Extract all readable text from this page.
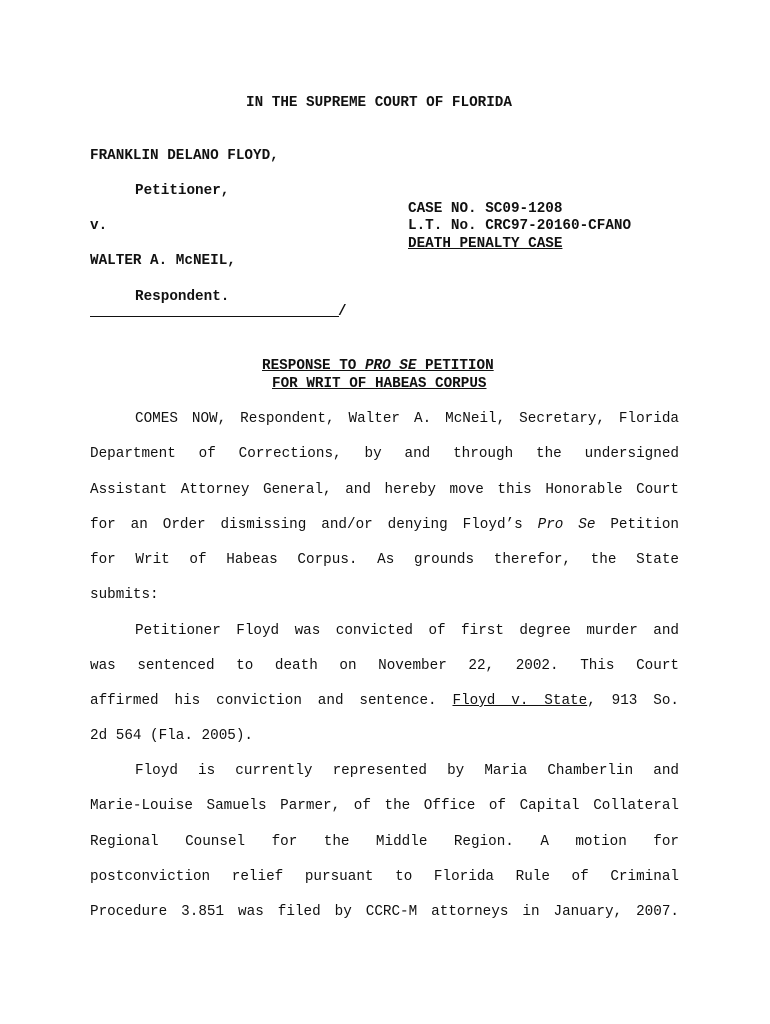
IN THE SUPREME COURT OF FLORIDA
FRANKLIN DELANO FLOYD,
Petitioner,
v.
WALTER A. McNEIL,
Respondent.
/
CASE NO. SC09-1208
L.T. No. CRC97-20160-CFANO
DEATH PENALTY CASE
RESPONSE TO PRO SE PETITION
FOR WRIT OF HABEAS CORPUS
COMES NOW, Respondent, Walter A. McNeil, Secretary, Florida
Department of Corrections, by and through the undersigned
Assistant Attorney General, and hereby move this Honorable Court
for an Order dismissing and/or denying Floyd’s Pro Se Petition
for Writ of Habeas Corpus. As grounds therefor, the State
submits:
Petitioner Floyd was convicted of first degree murder and
was sentenced to death on November 22, 2002. This Court
affirmed his conviction and sentence. Floyd v. State, 913 So.
2d 564 (Fla. 2005).
Floyd is currently represented by Maria Chamberlin and
Marie-Louise Samuels Parmer, of the Office of Capital Collateral
Regional Counsel for the Middle Region. A motion for
postconviction relief pursuant to Florida Rule of Criminal
Procedure 3.851 was filed by CCRC-M attorneys in January, 2007.
